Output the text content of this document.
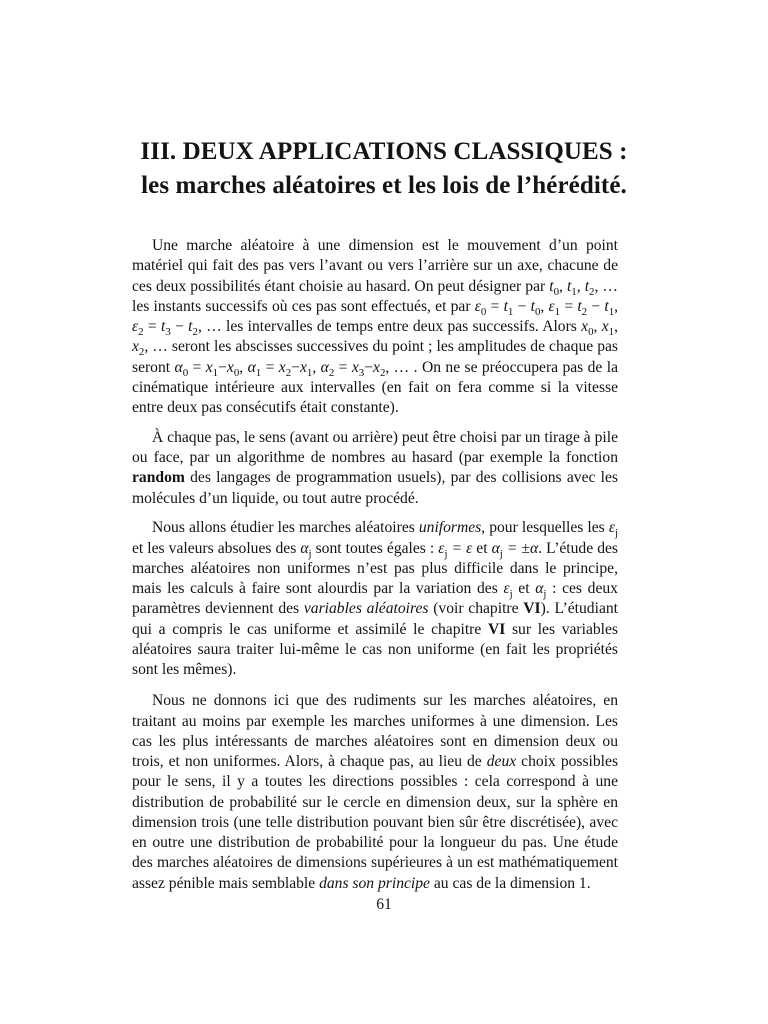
III. DEUX APPLICATIONS CLASSIQUES :
les marches aléatoires et les lois de l’hérédité.

Une marche aléatoire à une dimension est le mouvement d’un point matériel qui fait des pas vers l’avant ou vers l’arrière sur un axe, chacune de ces deux possibilités étant choisie au hasard. On peut désigner par $t_0$, $t_1$, $t_2$, … les instants successifs où ces pas sont effectués, et par $\varepsilon_0 = t_1 - t_0$, $\varepsilon_1 = t_2 - t_1$, $\varepsilon_2 = t_3 - t_2$, … les intervalles de temps entre deux pas successifs. Alors $x_0$, $x_1$, $x_2$, … seront les abscisses successives du point ; les amplitudes de chaque pas seront $\alpha_0 = x_1-x_0$, $\alpha_1 = x_2-x_1$, $\alpha_2 = x_3-x_2$, … . On ne se préoccupera pas de la cinématique intérieure aux intervalles (en fait on fera comme si la vitesse entre deux pas consécutifs était constante).

À chaque pas, le sens (avant ou arrière) peut être choisi par un tirage à pile ou face, par un algorithme de nombres au hasard (par exemple la fonction random des langages de programmation usuels), par des collisions avec les molécules d’un liquide, ou tout autre procédé.

Nous allons étudier les marches aléatoires uniformes, pour lesquelles les $\varepsilon_j$ et les valeurs absolues des $\alpha_j$ sont toutes égales : $\varepsilon_j = \varepsilon$ et $\alpha_j = \pm\alpha$. L’étude des marches aléatoires non uniformes n’est pas plus difficile dans le principe, mais les calculs à faire sont alourdis par la variation des $\varepsilon_j$ et $\alpha_j$ : ces deux paramètres deviennent des variables aléatoires (voir chapitre VI). L’étudiant qui a compris le cas uniforme et assimilé le chapitre VI sur les variables aléatoires saura traiter lui-même le cas non uniforme (en fait les propriétés sont les mêmes).

Nous ne donnons ici que des rudiments sur les marches aléatoires, en traitant au moins par exemple les marches uniformes à une dimension. Les cas les plus intéressants de marches aléatoires sont en dimension deux ou trois, et non uniformes. Alors, à chaque pas, au lieu de deux choix possibles pour le sens, il y a toutes les directions possibles : cela correspond à une distribution de probabilité sur le cercle en dimension deux, sur la sphère en dimension trois (une telle distribution pouvant bien sûr être discrétisée), avec en outre une distribution de probabilité pour la longueur du pas. Une étude des marches aléatoires de dimensions supérieures à un est mathématiquement assez pénible mais semblable dans son principe au cas de la dimension 1.

61
